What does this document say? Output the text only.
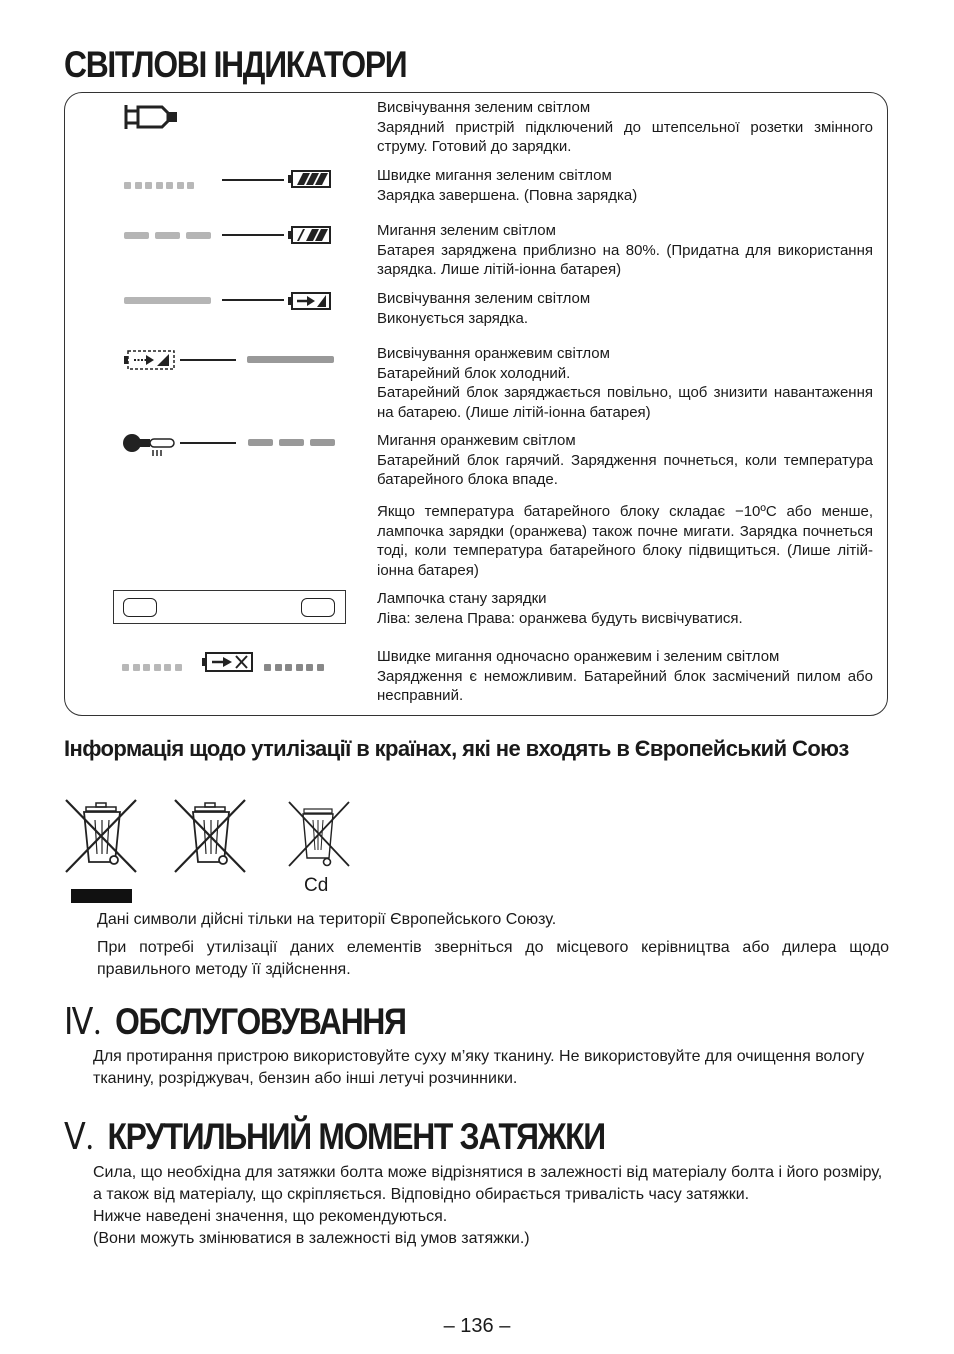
СВІТЛОВІ ІНДИКАТОРИ
Висвічування зеленим світлом
Зарядний пристрій підключений до штепсельної розетки змінного струму. Готовий до зарядки.
Швидке мигання зеленим світлом
Зарядка завершена. (Повна зарядка)
Мигання зеленим світлом
Батарея заряджена приблизно на 80%. (Придатна для використання зарядка. Лише літій-іонна батарея)
Висвічування зеленим світлом
Виконується зарядка.
Висвічування оранжевим світлом
Батарейний блок холодний.
Батарейний блок заряджається повільно, щоб знизити навантаження на батарею. (Лише літій-іонна батарея)
Мигання оранжевим світлом
Батарейний блок гарячий. Зарядження почнеться, коли температура батарейного блока впаде.
Якщо температура батарейного блоку складає −10ºC або менше, лампочка зарядки (оранжева) також почне мигати. Зарядка почнеться тоді, коли температура батарейного блоку підвищиться. (Лише літій-іонна батарея)
Лампочка стану зарядки
Ліва: зелена Права: оранжева будуть висвічуватися.
Швидке мигання одночасно оранжевим і зеленим світлом
Зарядження є неможливим. Батарейний блок засмічений пилом або несправний.
Інформація щодо утилізації в країнах, які не входять в Європейський Союз
Cd
Дані символи дійсні тільки на території Європейського Союзу.
При потребі утилізації даних елементів зверніться до місцевого керівництва або дилера щодо правильного методу її здійснення.
Ⅳ. ОБСЛУГОВУВАННЯ
Для протирання пристрою використовуйте суху м’яку тканину. Не використовуйте для очищення вологу тканину, розріджувач, бензин або інші летучі розчинники.
Ⅴ. КРУТИЛЬНИЙ МОМЕНТ ЗАТЯЖКИ
Сила, що необхідна для затяжки болта може відрізнятися в залежності від матеріалу болта і його розміру, а також від матеріалу, що скріпляється. Відповідно обирається тривалість часу затяжки.
Нижче наведені значення, що рекомендуються.
(Вони можуть змінюватися в залежності від умов затяжки.)
– 136 –
